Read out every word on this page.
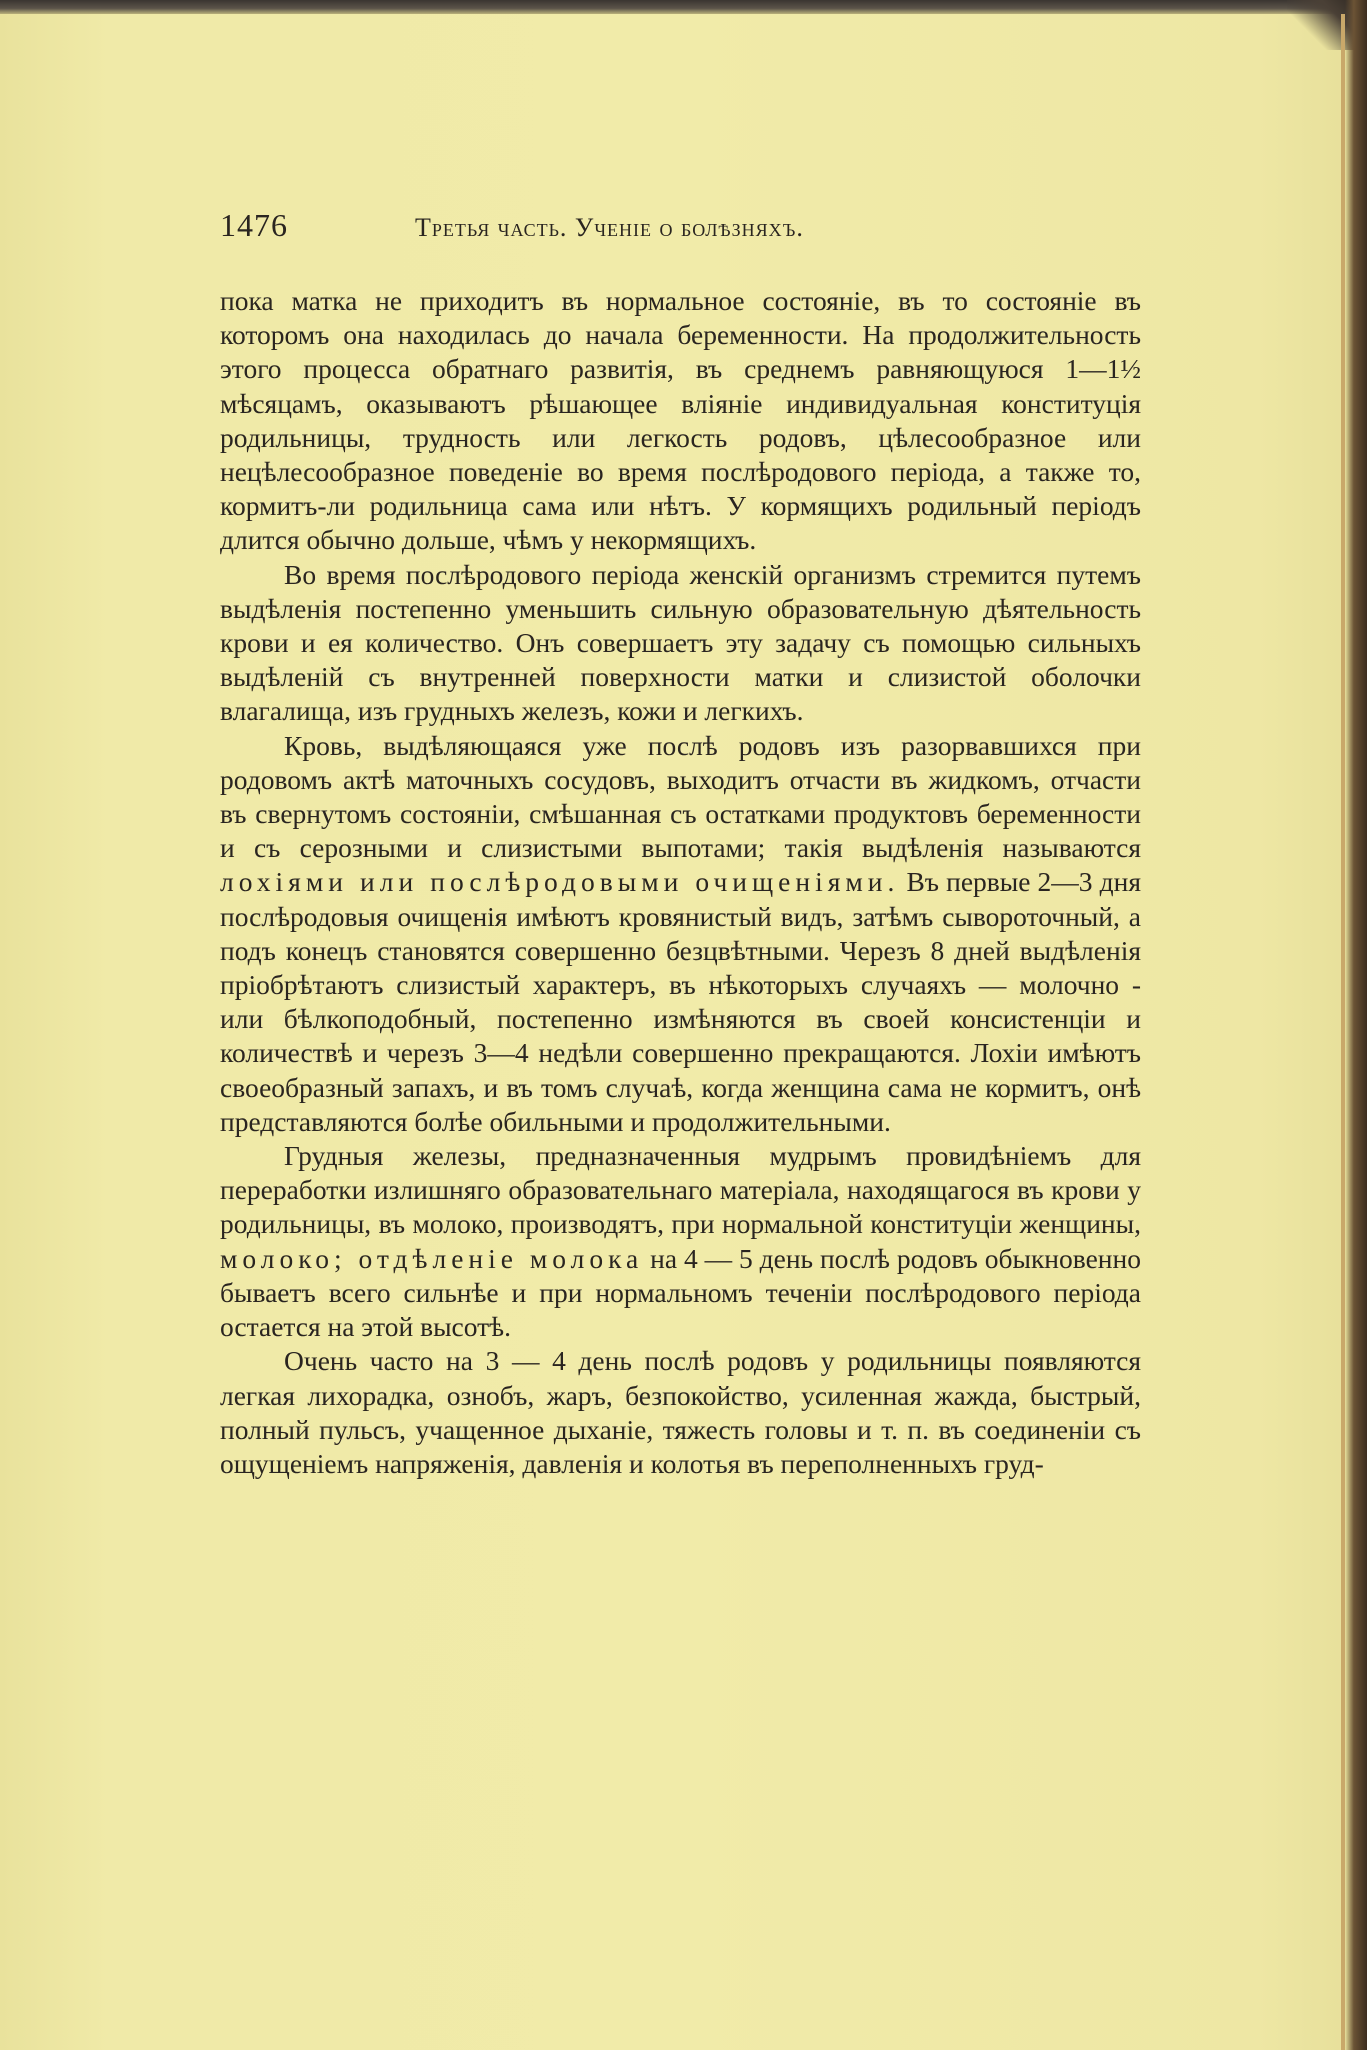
1476	Третья часть. Ученіе о болѣзняхъ.

пока матка не приходитъ въ нормальное состояніе, въ то состояніе въ которомъ она находилась до начала беременности. На продолжительность этого процесса обратнаго развитія, въ среднемъ равняющуюся 1—1½ мѣсяцамъ, оказываютъ рѣшающее вліяніе индивидуальная конституція родильницы, трудность или легкость родовъ, цѣлесообразное или нецѣлесообразное поведеніе во время послѣродового періода, а также то, кормитъ-ли родильница сама или нѣтъ. У кормящихъ родильный періодъ длится обычно дольше, чѣмъ у некормящихъ.

Во время послѣродового періода женскій организмъ стремится путемъ выдѣленія постепенно уменьшить сильную образовательную дѣятельность крови и ея количество. Онъ совершаетъ эту задачу съ помощью сильныхъ выдѣленій съ внутренней поверхности матки и слизистой оболочки влагалища, изъ грудныхъ железъ, кожи и легкихъ.

Кровь, выдѣляющаяся уже послѣ родовъ изъ разорвавшихся при родовомъ актѣ маточныхъ сосудовъ, выходитъ отчасти въ жидкомъ, отчасти въ свернутомъ состояніи, смѣшанная съ остатками продуктовъ беременности и съ серозными и слизистыми выпотами; такія выдѣленія называются лохіями или послѣродовыми очищеніями. Въ первые 2—3 дня послѣродовыя очищенія имѣютъ кровянистый видъ, затѣмъ сывороточный, а подъ конецъ становятся совершенно безцвѣтными. Черезъ 8 дней выдѣленія пріобрѣтаютъ слизистый характеръ, въ нѣкоторыхъ случаяхъ — молочно - или бѣлкоподобный, постепенно измѣняются въ своей консистенціи и количествѣ и черезъ 3—4 недѣли совершенно прекращаются. Лохіи имѣютъ своеобразный запахъ, и въ томъ случаѣ, когда женщина сама не кормитъ, онѣ представляются болѣе обильными и продолжительными.

Грудныя железы, предназначенныя мудрымъ провидѣніемъ для переработки излишняго образовательнаго матеріала, находящагося въ крови у родильницы, въ молоко, производятъ, при нормальной конституціи женщины, молоко; отдѣленіе молока на 4 — 5 день послѣ родовъ обыкновенно бываетъ всего сильнѣе и при нормальномъ теченіи послѣродового періода остается на этой высотѣ.

Очень часто на 3 — 4 день послѣ родовъ у родильницы появляются легкая лихорадка, ознобъ, жаръ, безпокойство, усиленная жажда, быстрый, полный пульсъ, учащенное дыханіе, тяжесть головы и т. п. въ соединеніи съ ощущеніемъ напряженія, давленія и колотья въ переполненныхъ груд-
